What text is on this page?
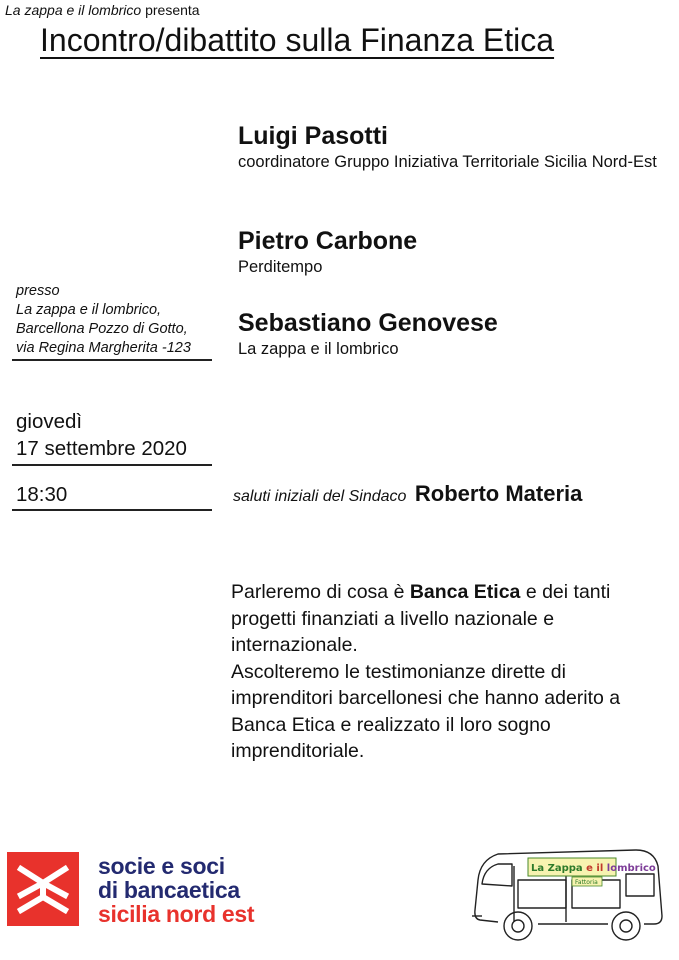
La zappa e il lombrico presenta
Incontro/dibattito sulla Finanza Etica
Luigi Pasotti
coordinatore Gruppo Iniziativa Territoriale Sicilia Nord-Est
Pietro Carbone
Perditempo
Sebastiano Genovese
La zappa e il lombrico
presso
La zappa e il lombrico,
Barcellona Pozzo di Gotto,
via Regina Margherita -123
giovedì
17 settembre 2020
18:30	saluti iniziali del Sindaco Roberto Materia

Parleremo di cosa è Banca Etica e dei tanti progetti finanziati a livello nazionale e internazionale.

Ascolteremo le testimonianze dirette di imprenditori barcellonesi che hanno aderito a Banca Etica e realizzato il loro sogno imprenditoriale.

socie e soci
di bancaetica
sicilia nord est
La Zappa e il lombrico
Fattoria
